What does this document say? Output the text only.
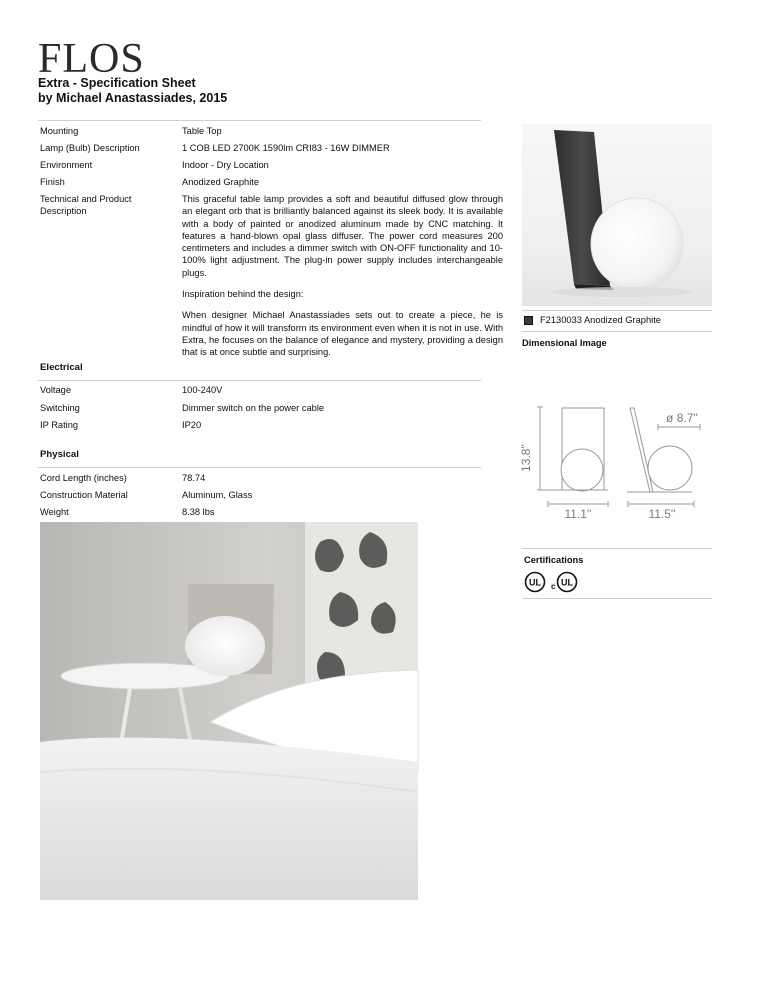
FLOS
Extra - Specification Sheet
by Michael Anastassiades, 2015
Mounting	Table Top
Lamp (Bulb) Description	1 COB LED 2700K 1590lm CRI83 - 16W DIMMER
Environment	Indoor - Dry Location
Finish	Anodized Graphite
Technical and Product Description

This graceful table lamp provides a soft and beautiful diffused glow through an elegant orb that is brilliantly balanced against its sleek body. It is available with a body of painted or anodized aluminum made by CNC matching. It features a hand-blown opal glass diffuser. The power cord measures 200 centimeters and includes a dimmer switch with ON-OFF functionality and 10-100% light adjustment. The plug-in power supply includes interchangeable plugs.

Inspiration behind the design:

When designer Michael Anastassiades sets out to create a piece, he is mindful of how it will transform its environment even when it is not in use. With Extra, he focuses on the balance of elegance and mystery, providing a design that is at once subtle and surprising.

Electrical
Voltage	100-240V
Switching	Dimmer switch on the power cable
IP Rating	IP20
Physical
Cord Length (inches)	78.74
Construction Material	Aluminum, Glass
Weight	8.38 lbs
F2130033 Anodized Graphite
Dimensional Image
13.8''
11.1''	11.5''
ø 8.7''
Certifications
UL c UL
